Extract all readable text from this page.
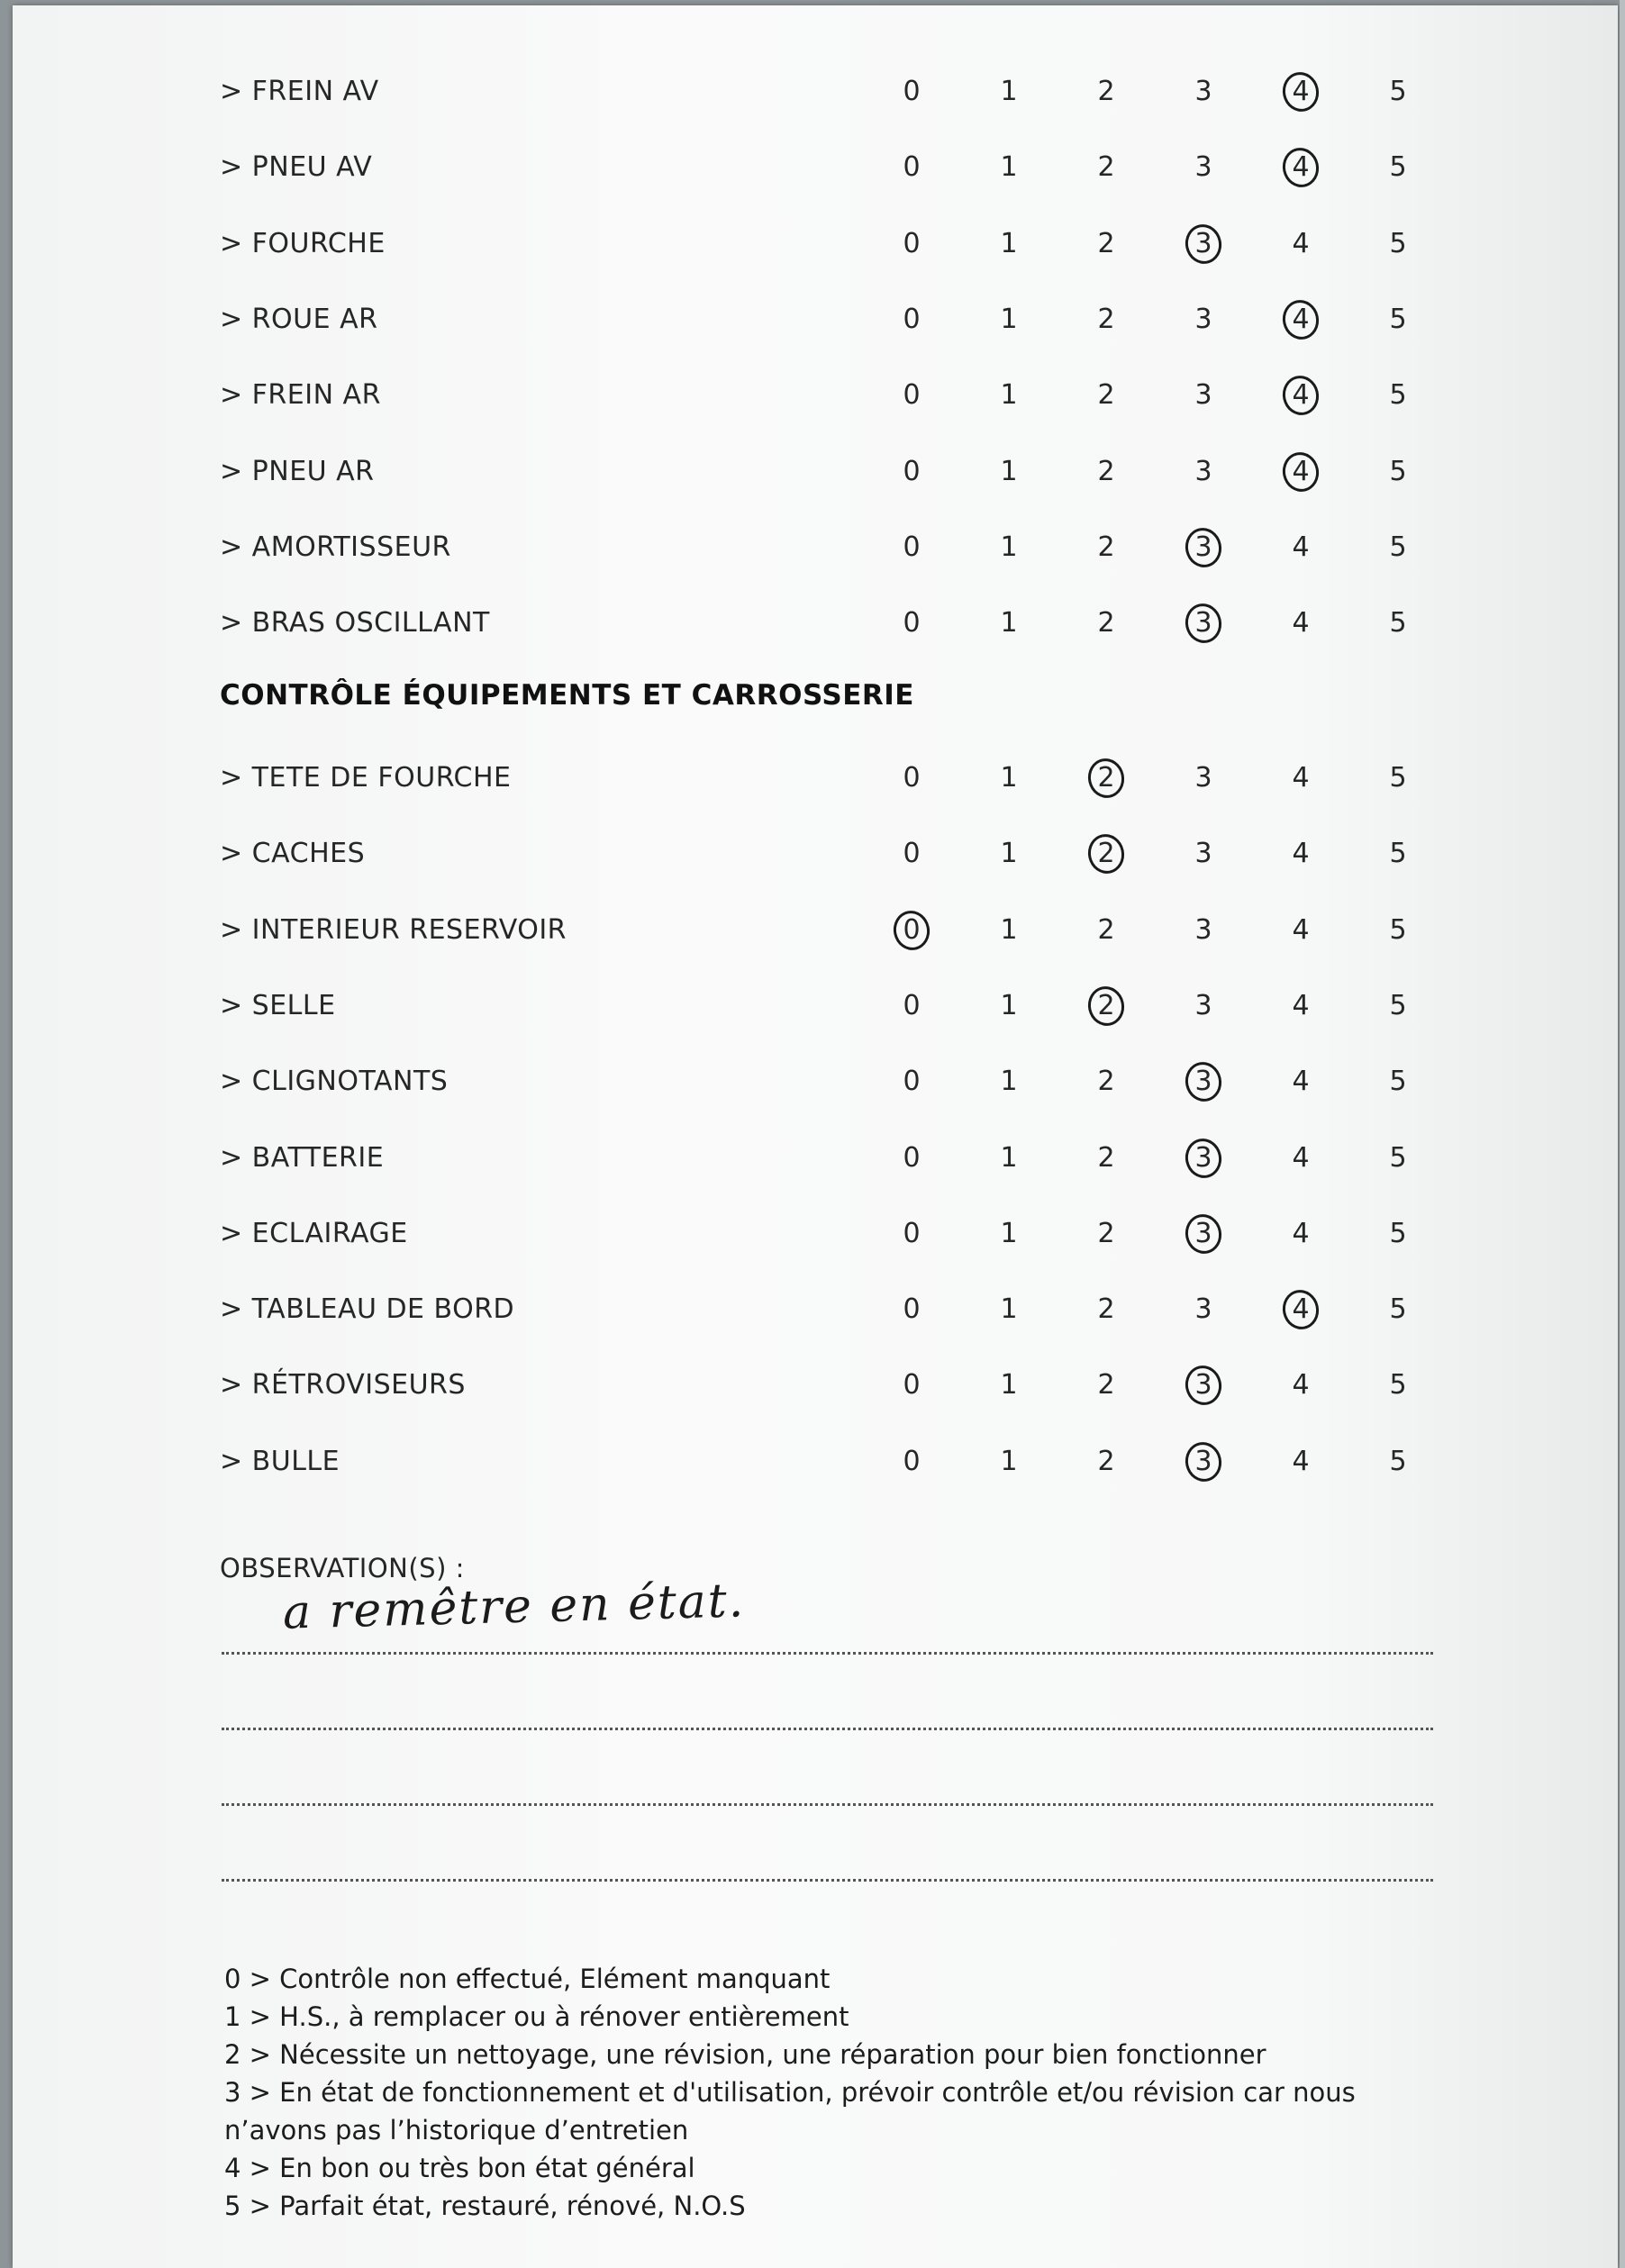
> FREIN AV	0	1	2	3	4	5
> PNEU AV	0	1	2	3	4	5
> FOURCHE	0	1	2	3	4	5
> ROUE AR	0	1	2	3	4	5
> FREIN AR	0	1	2	3	4	5
> PNEU AR	0	1	2	3	4	5
> AMORTISSEUR	0	1	2	3	4	5
> BRAS OSCILLANT	0	1	2	3	4	5
> TETE DE FOURCHE	0	1	2	3	4	5
> CACHES	0	1	2	3	4	5
> INTERIEUR RESERVOIR	0	1	2	3	4	5
> SELLE	0	1	2	3	4	5
> CLIGNOTANTS	0	1	2	3	4	5
> BATTERIE	0	1	2	3	4	5
> ECLAIRAGE	0	1	2	3	4	5
> TABLEAU DE BORD	0	1	2	3	4	5
> RÉTROVISEURS	0	1	2	3	4	5
> BULLE	0	1	2	3	4	5
CONTRÔLE ÉQUIPEMENTS ET CARROSSERIE
OBSERVATION(S) :
a remêtre en état.
0 > Contrôle non effectué, Elément manquant
1 > H.S., à remplacer ou à rénover entièrement
2 > Nécessite un nettoyage, une révision, une réparation pour bien fonctionner
3 > En état de fonctionnement et d'utilisation, prévoir contrôle et/ou révision car nous
n’avons pas l’historique d’entretien
4 > En bon ou très bon état général
5 > Parfait état, restauré, rénové, N.O.S
